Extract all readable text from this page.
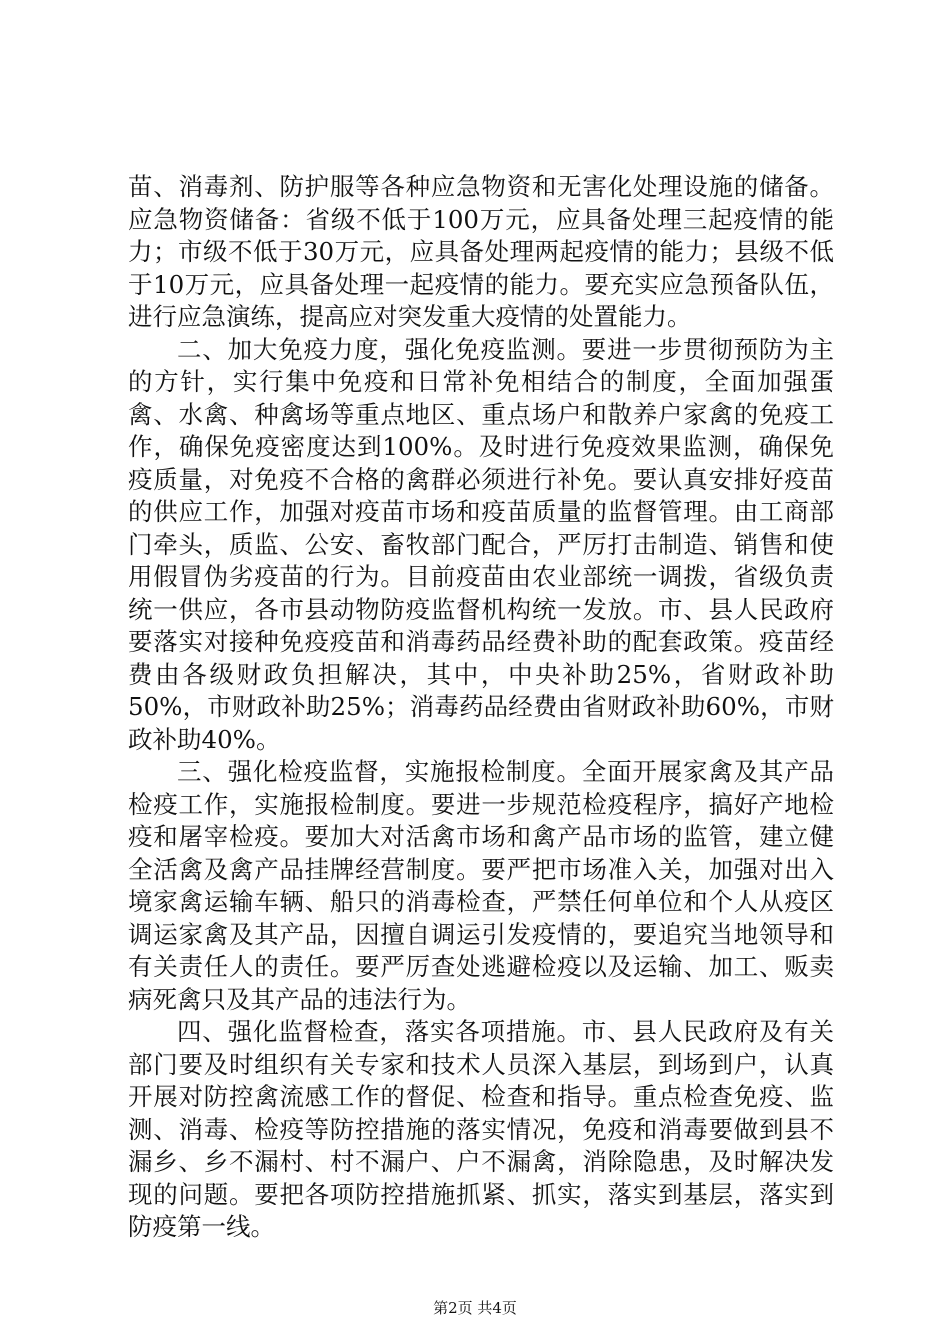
苗、消毒剂、防护服等各种应急物资和无害化处理设施的储备。应急物资储备：省级不低于100万元，应具备处理三起疫情的能力；市级不低于30万元，应具备处理两起疫情的能力；县级不低于10万元，应具备处理一起疫情的能力。要充实应急预备队伍，进行应急演练，提高应对突发重大疫情的处置能力。

二、加大免疫力度，强化免疫监测。要进一步贯彻预防为主的方针，实行集中免疫和日常补免相结合的制度，全面加强蛋禽、水禽、种禽场等重点地区、重点场户和散养户家禽的免疫工作，确保免疫密度达到100%。及时进行免疫效果监测，确保免疫质量，对免疫不合格的禽群必须进行补免。要认真安排好疫苗的供应工作，加强对疫苗市场和疫苗质量的监督管理。由工商部门牵头，质监、公安、畜牧部门配合，严厉打击制造、销售和使用假冒伪劣疫苗的行为。目前疫苗由农业部统一调拨，省级负责统一供应，各市县动物防疫监督机构统一发放。市、县人民政府要落实对接种免疫疫苗和消毒药品经费补助的配套政策。疫苗经费由各级财政负担解决，其中，中央补助25%，省财政补助50%，市财政补助25%；消毒药品经费由省财政补助60%，市财政补助40%。

三、强化检疫监督，实施报检制度。全面开展家禽及其产品检疫工作，实施报检制度。要进一步规范检疫程序，搞好产地检疫和屠宰检疫。要加大对活禽市场和禽产品市场的监管，建立健全活禽及禽产品挂牌经营制度。要严把市场准入关，加强对出入境家禽运输车辆、船只的消毒检查，严禁任何单位和个人从疫区调运家禽及其产品，因擅自调运引发疫情的，要追究当地领导和有关责任人的责任。要严厉查处逃避检疫以及运输、加工、贩卖病死禽只及其产品的违法行为。

四、强化监督检查，落实各项措施。市、县人民政府及有关部门要及时组织有关专家和技术人员深入基层，到场到户，认真开展对防控禽流感工作的督促、检查和指导。重点检查免疫、监测、消毒、检疫等防控措施的落实情况，免疫和消毒要做到县不漏乡、乡不漏村、村不漏户、户不漏禽，消除隐患，及时解决发现的问题。要把各项防控措施抓紧、抓实，落实到基层，落实到防疫第一线。

第2页 共4页
